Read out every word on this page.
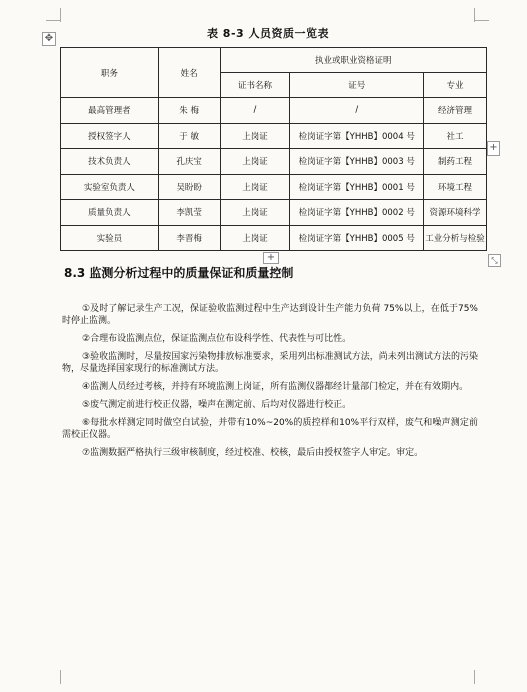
✥	表 8-3 人员资质一览表
职务	姓名	执业或职业资格证明		
		证书名称	证号	专业
最高管理者	朱 梅	/	/	经济管理
授权签字人	于 敏	上岗证	检岗证字第【YHHB】0004 号	社工
技术负责人	孔庆宝	上岗证	检岗证字第【YHHB】0003 号	制药工程
实验室负责人	吴盼盼	上岗证	检岗证字第【YHHB】0001 号	环境工程
质量负责人	李凯莹	上岗证	检岗证字第【YHHB】0002 号	资源环境科学
实验员	李晋梅	上岗证	检岗证字第【YHHB】0005 号	工业分析与检验
+
+	⤡
8.3 监测分析过程中的质量保证和质量控制

①及时了解记录生产工况，保证验收监测过程中生产达到设计生产能力负荷 75%以上，在低于75%时停止监测。

②合理布设监测点位，保证监测点位布设科学性、代表性与可比性。

③验收监测时，尽量按国家污染物排放标准要求，采用列出标准测试方法，尚未列出测试方法的污染物，尽量选择国家现行的标准测试方法。

④监测人员经过考核，并持有环境监测上岗证，所有监测仪器都经计量部门检定，并在有效期内。

⑤废气测定前进行校正仪器，噪声在测定前、后均对仪器进行校正。

⑥每批水样测定同时做空白试验，并带有10%~20%的质控样和10%平行双样，废气和噪声测定前需校正仪器。

⑦监测数据严格执行三级审核制度，经过校准、校核，最后由授权签字人审定。审定。
